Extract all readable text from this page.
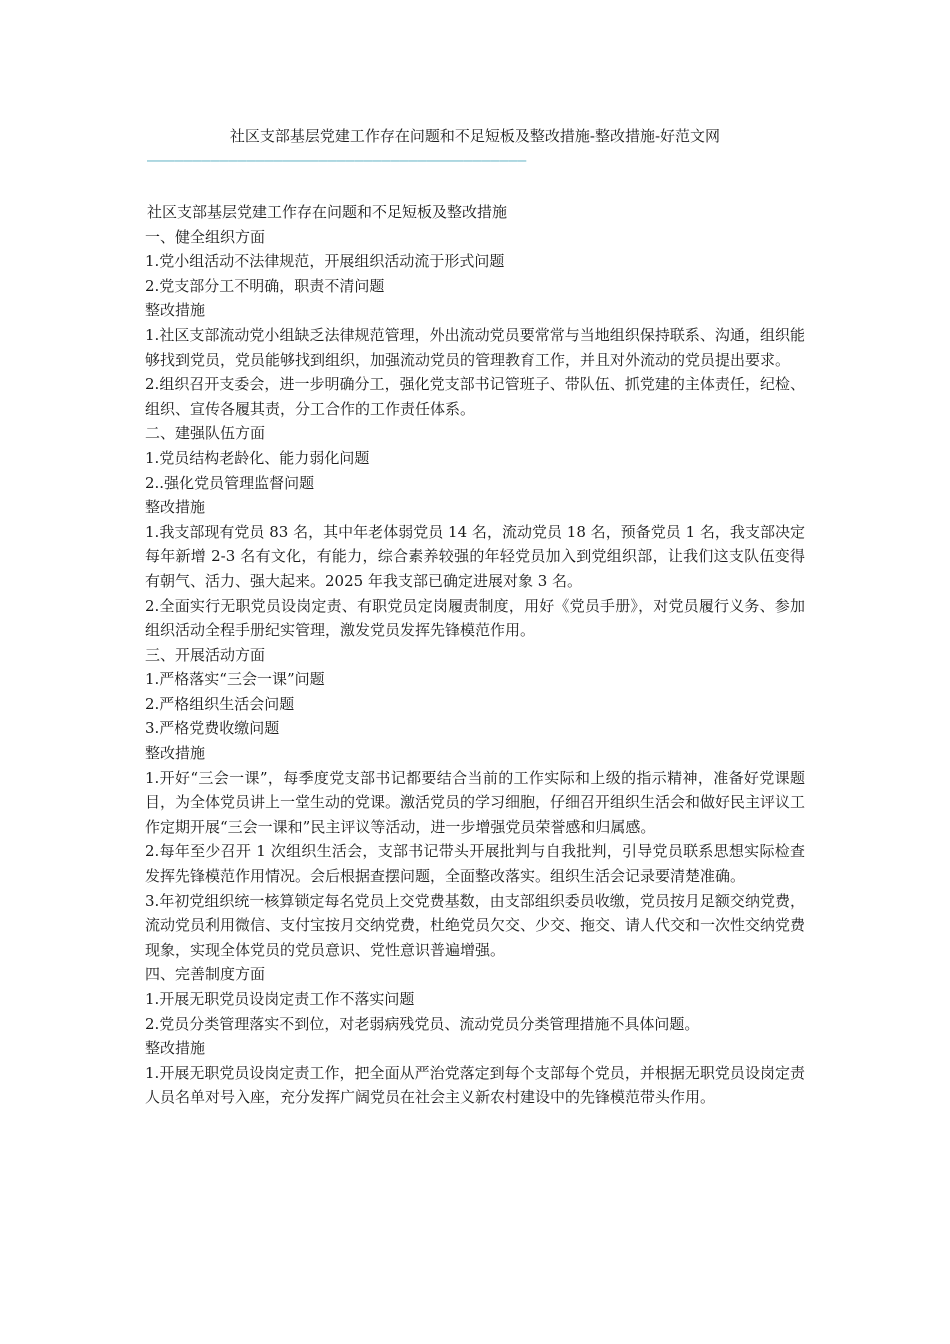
社区支部基层党建工作存在问题和不足短板及整改措施-整改措施-好范文网
——————————————————————————————————————————

社区支部基层党建工作存在问题和不足短板及整改措施

一、健全组织方面

1.党小组活动不法律规范，开展组织活动流于形式问题

2.党支部分工不明确，职责不清问题

整改措施

1.社区支部流动党小组缺乏法律规范管理，外出流动党员要常常与当地组织保持联系、沟通，组织能够找到党员，党员能够找到组织，加强流动党员的管理教育工作，并且对外流动的党员提出要求。

2.组织召开支委会，进一步明确分工，强化党支部书记管班子、带队伍、抓党建的主体责任，纪检、组织、宣传各履其责，分工合作的工作责任体系。

二、建强队伍方面

1.党员结构老龄化、能力弱化问题

2..强化党员管理监督问题

整改措施

1.我支部现有党员 83 名，其中年老体弱党员 14 名，流动党员 18 名，预备党员 1 名，我支部决定每年新增 2-3 名有文化，有能力，综合素养较强的年轻党员加入到党组织部，让我们这支队伍变得有朝气、活力、强大起来。2025 年我支部已确定进展对象 3 名。

2.全面实行无职党员设岗定责、有职党员定岗履责制度，用好《党员手册》，对党员履行义务、参加组织活动全程手册纪实管理，激发党员发挥先锋模范作用。

三、开展活动方面

1.严格落实“三会一课”问题

2.严格组织生活会问题

3.严格党费收缴问题

整改措施

1.开好“三会一课”，每季度党支部书记都要结合当前的工作实际和上级的指示精神，准备好党课题目，为全体党员讲上一堂生动的党课。激活党员的学习细胞，仔细召开组织生活会和做好民主评议工作定期开展“三会一课和”民主评议等活动，进一步增强党员荣誉感和归属感。

2.每年至少召开 1 次组织生活会，支部书记带头开展批判与自我批判，引导党员联系思想实际检查发挥先锋模范作用情况。会后根据查摆问题，全面整改落实。组织生活会记录要清楚准确。

3.年初党组织统一核算锁定每名党员上交党费基数，由支部组织委员收缴，党员按月足额交纳党费，流动党员利用微信、支付宝按月交纳党费，杜绝党员欠交、少交、拖交、请人代交和一次性交纳党费现象，实现全体党员的党员意识、党性意识普遍增强。

四、完善制度方面

1.开展无职党员设岗定责工作不落实问题

2.党员分类管理落实不到位，对老弱病残党员、流动党员分类管理措施不具体问题。

整改措施

1.开展无职党员设岗定责工作，把全面从严治党落定到每个支部每个党员，并根据无职党员设岗定责人员名单对号入座，充分发挥广阔党员在社会主义新农村建设中的先锋模范带头作用。
